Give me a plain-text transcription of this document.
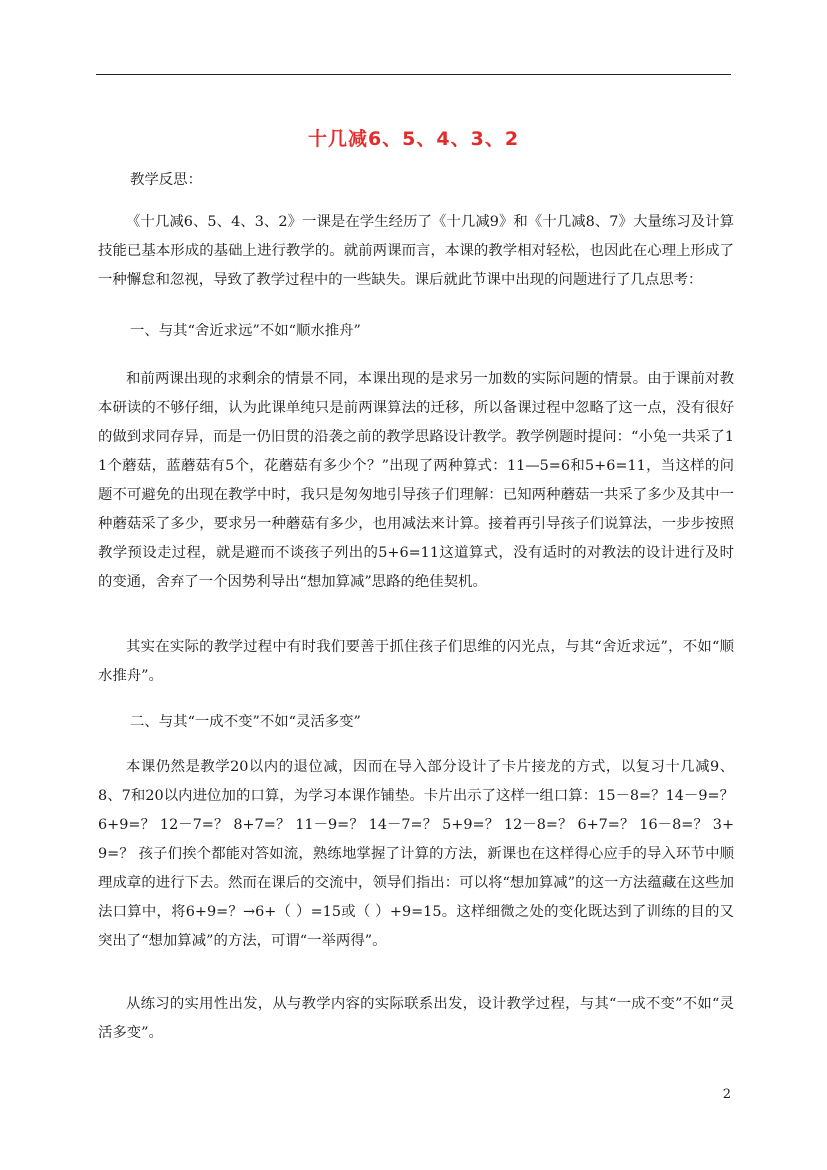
十几减6、5、4、3、2
教学反思：
《十几减6、5、4、3、2》一课是在学生经历了《十几减9》和《十几减8、7》大量练习及计算技能已基本形成的基础上进行教学的。就前两课而言，本课的教学相对轻松，也因此在心理上形成了一种懈怠和忽视，导致了教学过程中的一些缺失。课后就此节课中出现的问题进行了几点思考：
一、与其“舍近求远”不如“顺水推舟”
和前两课出现的求剩余的情景不同，本课出现的是求另一加数的实际问题的情景。由于课前对教本研读的不够仔细，认为此课单纯只是前两课算法的迁移，所以备课过程中忽略了这一点，没有很好的做到求同存异，而是一仍旧贯的沿袭之前的教学思路设计教学。教学例题时提问：“小兔一共采了11个蘑菇，蓝蘑菇有5个，花蘑菇有多少个？”出现了两种算式：11—5=6和5+6=11，当这样的问题不可避免的出现在教学中时，我只是匆匆地引导孩子们理解：已知两种蘑菇一共采了多少及其中一种蘑菇采了多少，要求另一种蘑菇有多少，也用减法来计算。接着再引导孩子们说算法，一步步按照教学预设走过程，就是避而不谈孩子列出的5+6=11这道算式，没有适时的对教法的设计进行及时的变通，舍弃了一个因势利导出“想加算减”思路的绝佳契机。
其实在实际的教学过程中有时我们要善于抓住孩子们思维的闪光点，与其“舍近求远”，不如“顺水推舟”。
二、与其“一成不变”不如“灵活多变”
本课仍然是教学20以内的退位减，因而在导入部分设计了卡片接龙的方式，以复习十几减9、8、7和20以内进位加的口算，为学习本课作铺垫。卡片出示了这样一组口算：15－8=？14－9=？6+9=？ 12－7=？ 8+7=？ 11－9=？ 14－7=？ 5+9=？ 12－8=？ 6+7=？ 16－8=？ 3+9=？ 孩子们挨个都能对答如流，熟练地掌握了计算的方法，新课也在这样得心应手的导入环节中顺理成章的进行下去。然而在课后的交流中，领导们指出：可以将“想加算减”的这一方法蕴藏在这些加法口算中，将6+9=？→6+（ ）=15或（ ）+9=15。这样细微之处的变化既达到了训练的目的又突出了“想加算减”的方法，可谓“一举两得”。
从练习的实用性出发，从与教学内容的实际联系出发，设计教学过程，与其“一成不变”不如“灵活多变”。
2
